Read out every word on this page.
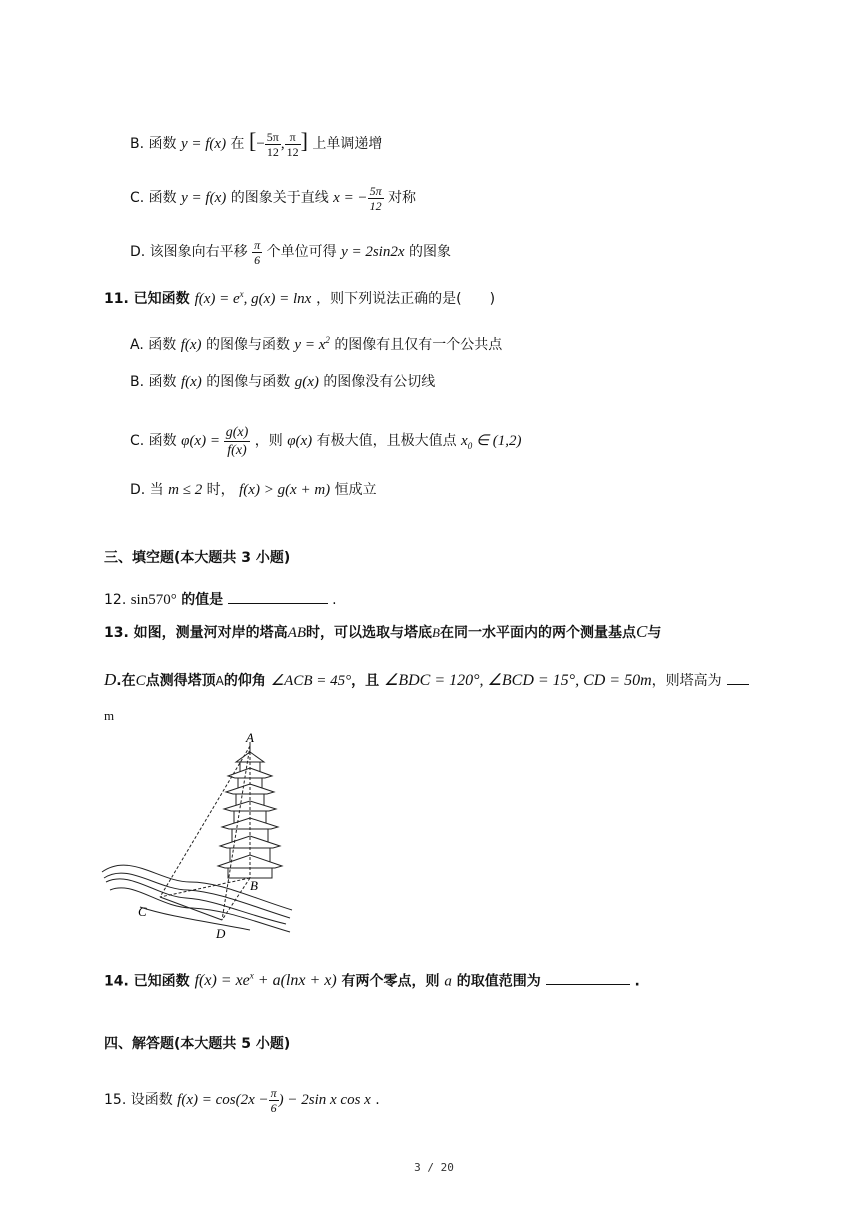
B. 函数 y = f(x) 在 [− $\frac{5\pi}{12}$ , $\frac{\pi}{12}$ ] 上单调递增
C. 函数 y = f(x) 的图象关于直线 x = − $\frac{5\pi}{12}$ 对称
D. 该图象向右平移 $\frac{\pi}{6}$ 个单位可得 y = 2sin2x 的图象
11. 已知函数 $f(x) = e^x$, g(x) = lnx ，则下列说法正确的是(　　)
A. 函数 f(x) 的图像与函数 $y = x^2$ 的图像有且仅有一个公共点
B. 函数 f(x) 的图像与函数 g(x) 的图像没有公切线
C. 函数 $\varphi(x) = \frac{g(x)}{f(x)}$ ，则 φ(x) 有极大值，且极大值点 $x_0$ ∈ (1,2)
D. 当 m ≤ 2 时， f(x) > g(x + m) 恒成立
三、填空题(本大题共 3 小题)
12. sin570° 的值是	.
13. 如图，测量河对岸的塔高AB时，可以选取与塔底B在同一水平面内的两个测量基点C与
D.在C点测得塔顶A的仰角 ∠ACB = 45°，且 ∠BDC = 120°, ∠BCD = 15°, CD = 50m，则塔高为
m
A
B
C
D
14. 已知函数 $f(x) = xe^x + a(\ln x + x)$ 有两个零点，则 a 的取值范围为	.
四、解答题(本大题共 5 小题)
15. 设函数 $f(x) = \cos(2x - \frac{\pi}{6}$ ) − 2sin x cos x .
3 / 20
